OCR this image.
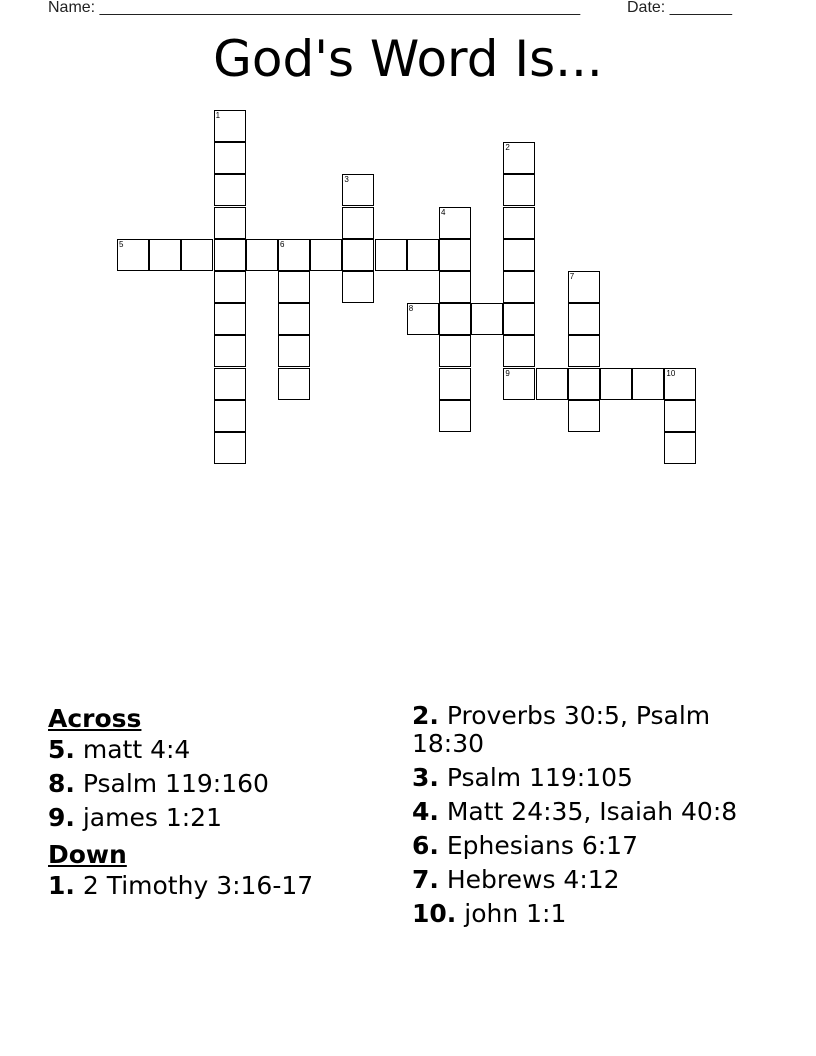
Name: ______________________________________________________	Date: _______
God's Word Is...
1
2
9
3
4
5	6
7
8
10
Across
5. matt 4:4
8. Psalm 119:160
9. james 1:21
Down
1. 2 Timothy 3:16-17
2. Proverbs 30:5, Psalm 18:30
3. Psalm 119:105
4. Matt 24:35, Isaiah 40:8
6. Ephesians 6:17
7. Hebrews 4:12
10. john 1:1
